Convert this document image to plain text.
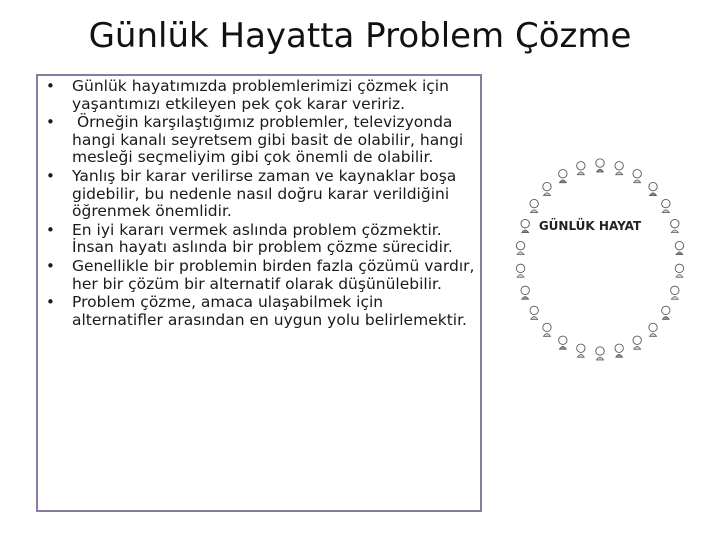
Günlük Hayatta Problem Çözme
• Günlük hayatımızda problemlerimizi çözmek için yaşantımızı etkileyen pek çok karar veririz.
• Örneğin karşılaştığımız problemler, televizyonda hangi kanalı seyretsem gibi basit de olabilir, hangi mesleği seçmeliyim gibi çok önemli de olabilir.
• Yanlış bir karar verilirse zaman ve kaynaklar boşa gidebilir, bu nedenle nasıl doğru karar verildiğini öğrenmek önemlidir.
• En iyi kararı vermek aslında problem çözmektir. İnsan hayatı aslında bir problem çözme sürecidir.
• Genellikle bir problemin birden fazla çözümü vardır, her bir çözüm bir alternatif olarak düşünülebilir.
• Problem çözme, amaca ulaşabilmek için alternatifler arasından en uygun yolu belirlemektir.
GÜNLÜK HAYAT
